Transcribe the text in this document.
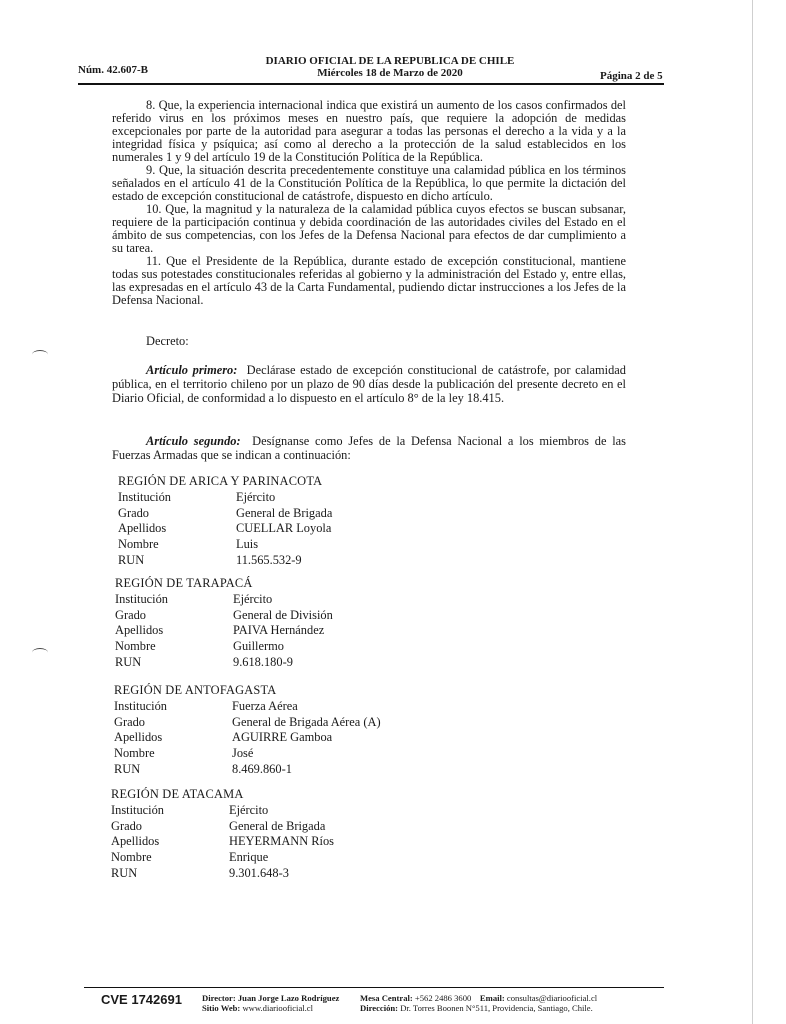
Núm. 42.607-B
DIARIO OFICIAL DE LA REPUBLICA DE CHILE
Miércoles 18 de Marzo de 2020	Página 2 de 5

8. Que, la experiencia internacional indica que existirá un aumento de los casos confirmados del referido virus en los próximos meses en nuestro país, que requiere la adopción de medidas excepcionales por parte de la autoridad para asegurar a todas las personas el derecho a la vida y a la integridad física y psíquica; así como al derecho a la protección de la salud establecidos en los numerales 1 y 9 del artículo 19 de la Constitución Política de la República.

9. Que, la situación descrita precedentemente constituye una calamidad pública en los términos señalados en el artículo 41 de la Constitución Política de la República, lo que permite la dictación del estado de excepción constitucional de catástrofe, dispuesto en dicho artículo.

10. Que, la magnitud y la naturaleza de la calamidad pública cuyos efectos se buscan subsanar, requiere de la participación continua y debida coordinación de las autoridades civiles del Estado en el ámbito de sus competencias, con los Jefes de la Defensa Nacional para efectos de dar cumplimiento a su tarea.

11. Que el Presidente de la República, durante estado de excepción constitucional, mantiene todas sus potestades constitucionales referidas al gobierno y la administración del Estado y, entre ellas, las expresadas en el artículo 43 de la Carta Fundamental, pudiendo dictar instrucciones a los Jefes de la Defensa Nacional.

Decreto:

Artículo primero: Declárase estado de excepción constitucional de catástrofe, por calamidad pública, en el territorio chileno por un plazo de 90 días desde la publicación del presente decreto en el Diario Oficial, de conformidad a lo dispuesto en el artículo 8° de la ley 18.415.

Artículo segundo: Desígnanse como Jefes de la Defensa Nacional a los miembros de las Fuerzas Armadas que se indican a continuación:

REGIÓN DE ARICA Y PARINACOTA
Institución	Ejército
Grado	General de Brigada
Apellidos	CUELLAR Loyola
Nombre	Luis
RUN	11.565.532-9
REGIÓN DE TARAPACÁ
Institución	Ejército
Grado	General de División
Apellidos	PAIVA Hernández
Nombre	Guillermo
RUN	9.618.180-9
REGIÓN DE ANTOFAGASTA
Institución	Fuerza Aérea
Grado	General de Brigada Aérea (A)
Apellidos	AGUIRRE Gamboa
Nombre	José
RUN	8.469.860-1
REGIÓN DE ATACAMA
Institución	Ejército
Grado	General de Brigada
Apellidos	HEYERMANN Ríos
Nombre	Enrique
RUN	9.301.648-3
CVE 1742691 Director: Juan Jorge Lazo Rodríguez
Sitio Web: www.diariooficial.cl
Mesa Central: +562 2486 3600 Email: consultas@diariooficial.cl
Dirección: Dr. Torres Boonen N°511, Providencia, Santiago, Chile.
